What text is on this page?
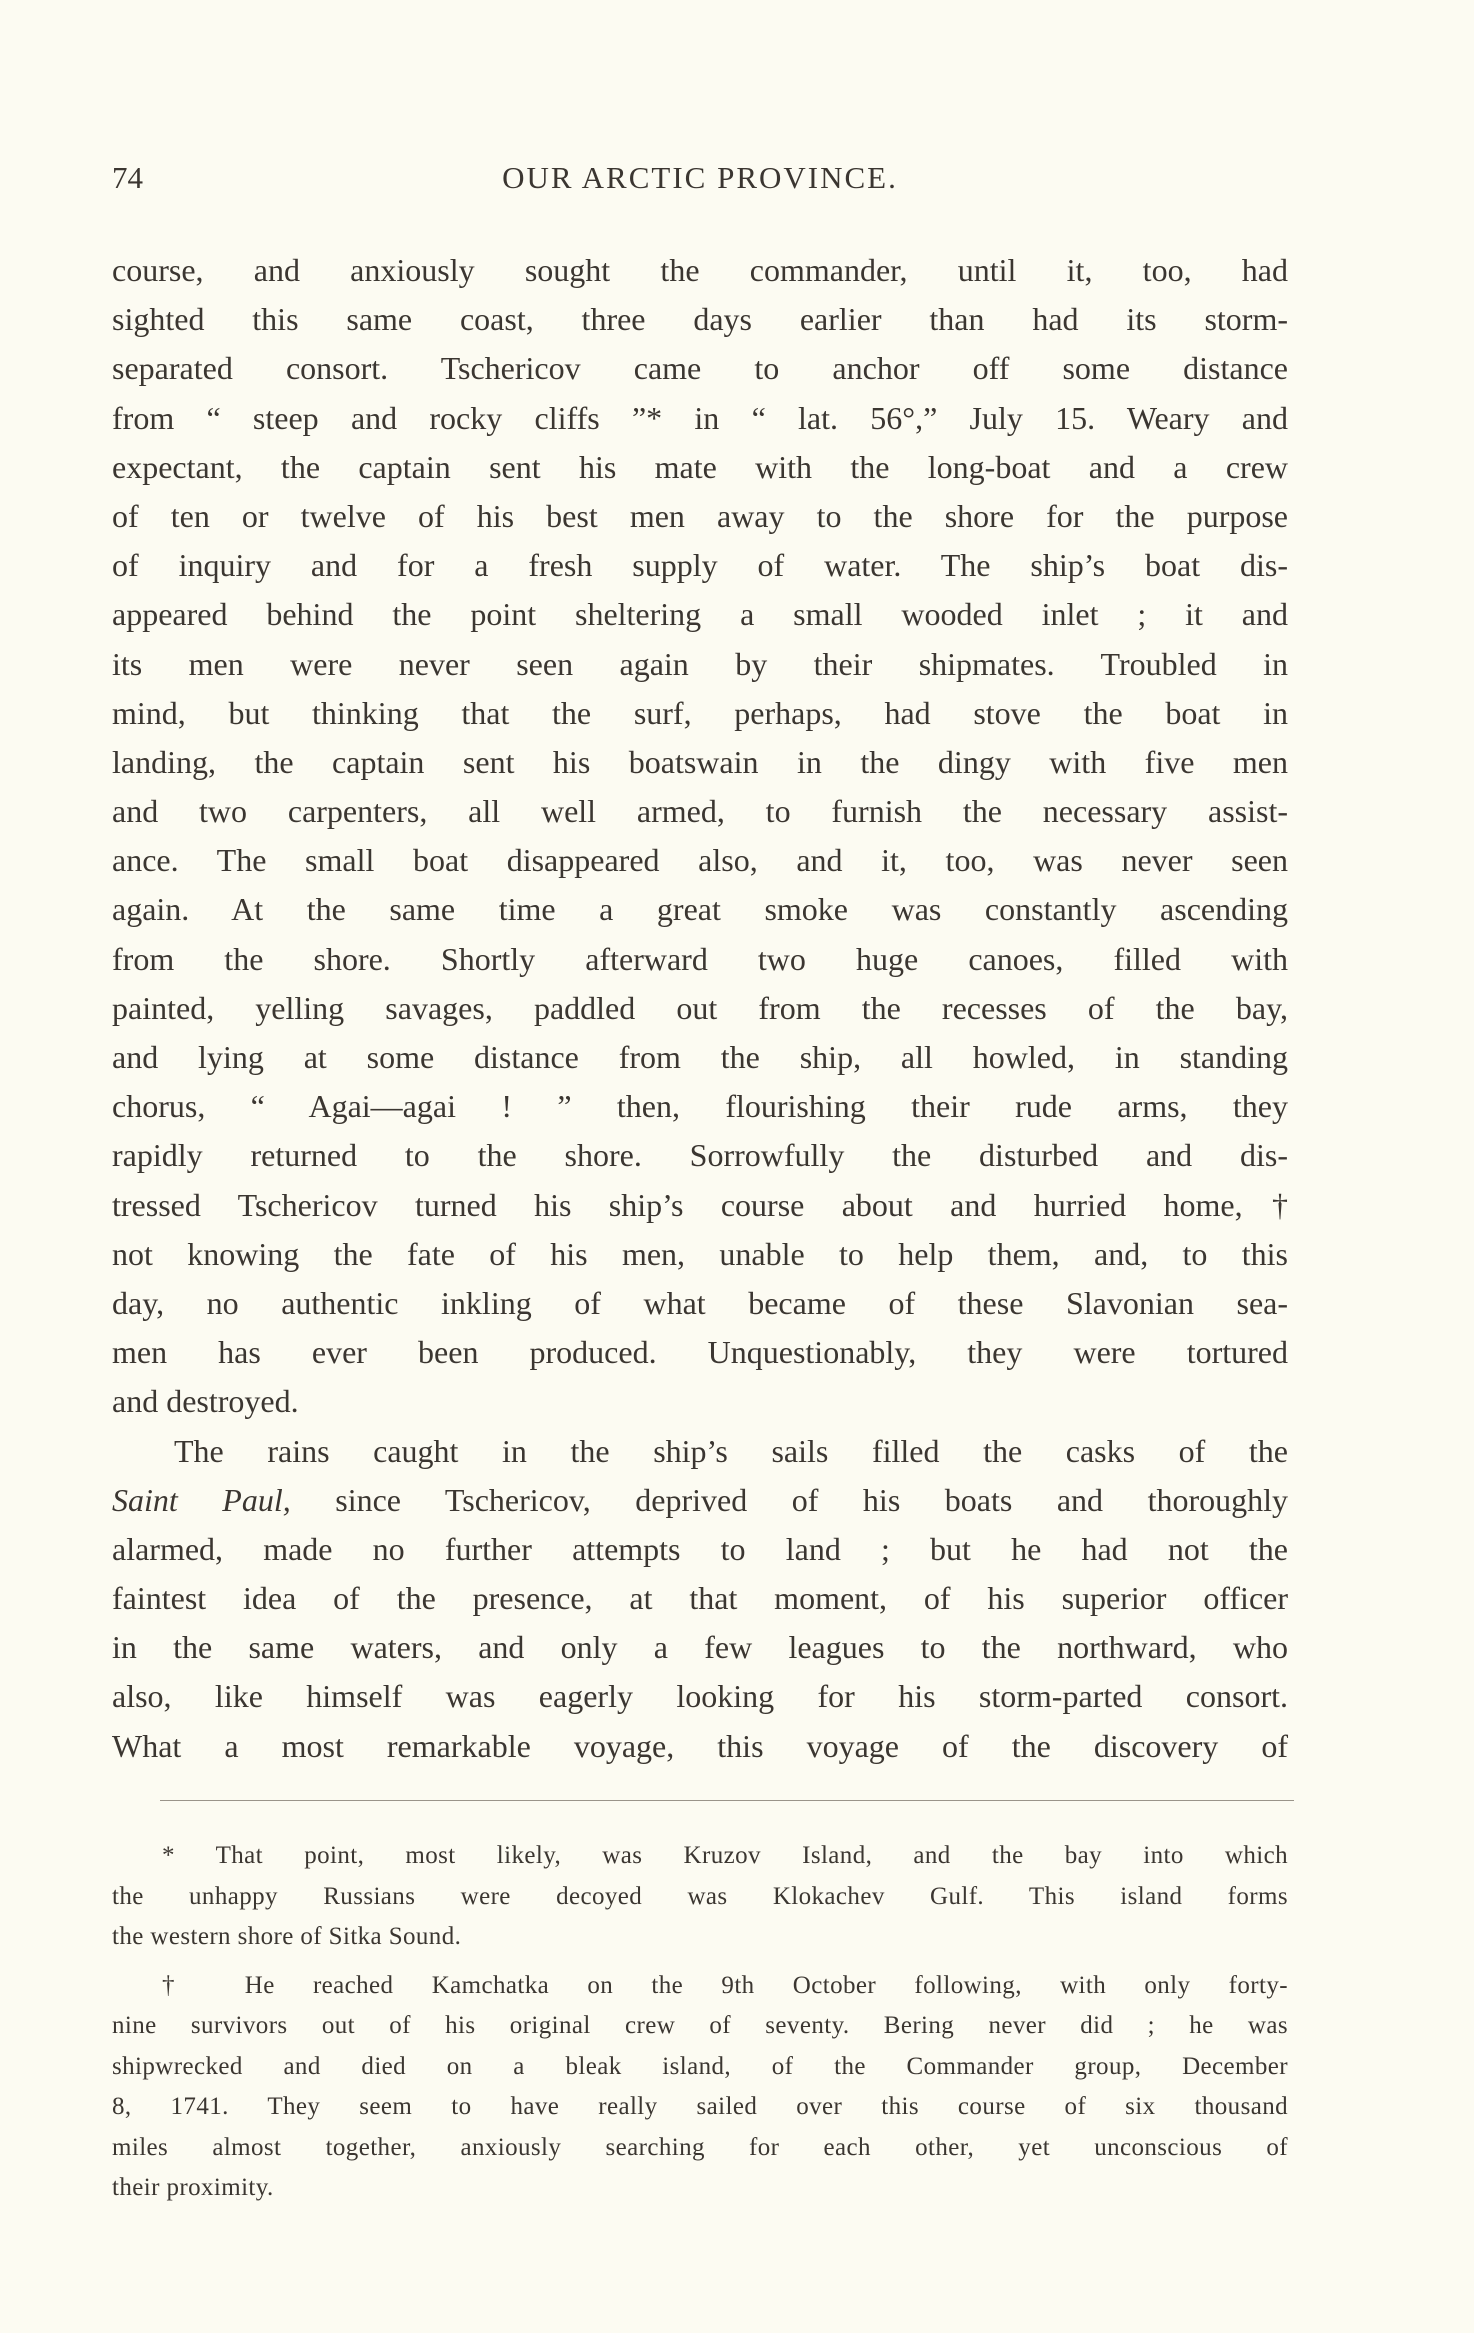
74	OUR ARCTIC PROVINCE.
course, and anxiously sought the commander, until it, too, had
sighted this same coast, three days earlier than had its storm-
separated consort. Tschericov came to anchor off some distance
from “ steep and rocky cliffs ”* in “ lat. 56°,” July 15. Weary and
expectant, the captain sent his mate with the long-boat and a crew
of ten or twelve of his best men away to the shore for the purpose
of inquiry and for a fresh supply of water. The ship’s boat dis-
appeared behind the point sheltering a small wooded inlet ; it and
its men were never seen again by their shipmates. Troubled in
mind, but thinking that the surf, perhaps, had stove the boat in
landing, the captain sent his boatswain in the dingy with five men
and two carpenters, all well armed, to furnish the necessary assist-
ance. The small boat disappeared also, and it, too, was never seen
again. At the same time a great smoke was constantly ascending
from the shore. Shortly afterward two huge canoes, filled with
painted, yelling savages, paddled out from the recesses of the bay,
and lying at some distance from the ship, all howled, in standing
chorus, “ Agai—agai ! ” then, flourishing their rude arms, they
rapidly returned to the shore. Sorrowfully the disturbed and dis-
tressed Tschericov turned his ship’s course about and hurried home,†
not knowing the fate of his men, unable to help them, and, to this
day, no authentic inkling of what became of these Slavonian sea-
men has ever been produced. Unquestionably, they were tortured
and destroyed.
The rains caught in the ship’s sails filled the casks of the
Saint Paul, since Tschericov, deprived of his boats and thoroughly
alarmed, made no further attempts to land ; but he had not the
faintest idea of the presence, at that moment, of his superior officer
in the same waters, and only a few leagues to the northward, who
also, like himself was eagerly looking for his storm-parted consort.
What a most remarkable voyage, this voyage of the discovery of
* That point, most likely, was Kruzov Island, and the bay into which
the unhappy Russians were decoyed was Klokachev Gulf. This island forms
the western shore of Sitka Sound.
† He reached Kamchatka on the 9th October following, with only forty-
nine survivors out of his original crew of seventy. Bering never did ; he was
shipwrecked and died on a bleak island, of the Commander group, December
8, 1741. They seem to have really sailed over this course of six thousand
miles almost together, anxiously searching for each other, yet unconscious of
their proximity.
